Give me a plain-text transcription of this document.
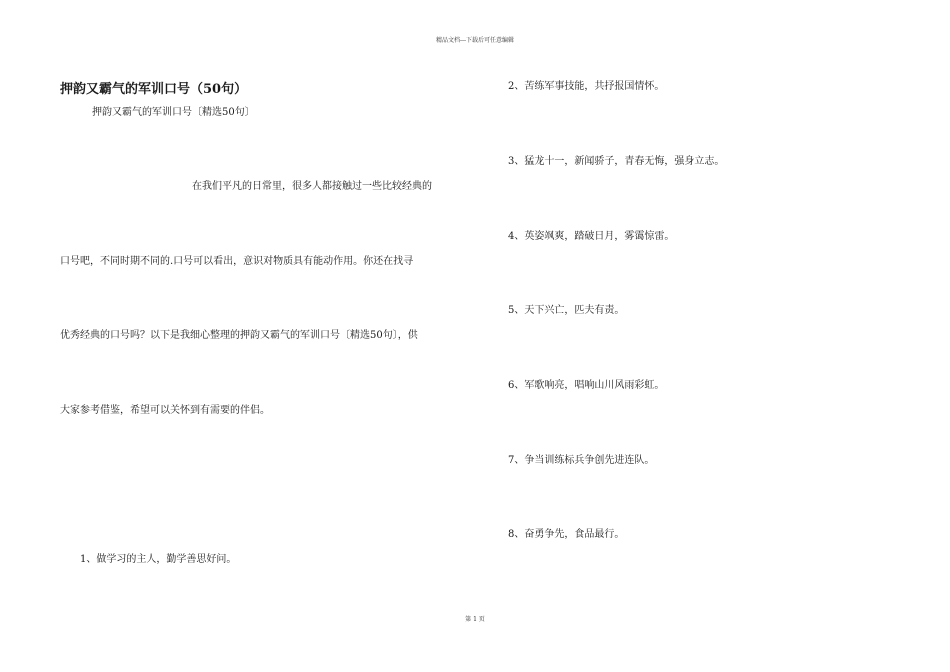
精品文档---下载后可任意编辑
押韵又霸气的军训口号（50句）
押韵又霸气的军训口号〔精选50句〕
在我们平凡的日常里，很多人都接触过一些比较经典的
口号吧，不同时期不同的.口号可以看出，意识对物质具有能动作用。你还在找寻
优秀经典的口号吗？以下是我细心整理的押韵又霸气的军训口号〔精选50句〕，供
大家参考借鉴，希望可以关怀到有需要的伴侣。
1、做学习的主人，勤学善思好问。
2、苦练军事技能，共抒报国情怀。
3、猛龙十一，新闻骄子，青春无悔，强身立志。
4、英姿飒爽，踏破日月，雾霭惊雷。
5、天下兴亡，匹夫有责。
6、军歌响亮，唱响山川风雨彩虹。
7、争当训练标兵争创先进连队。
8、奋勇争先，食品最行。
第 1 页
